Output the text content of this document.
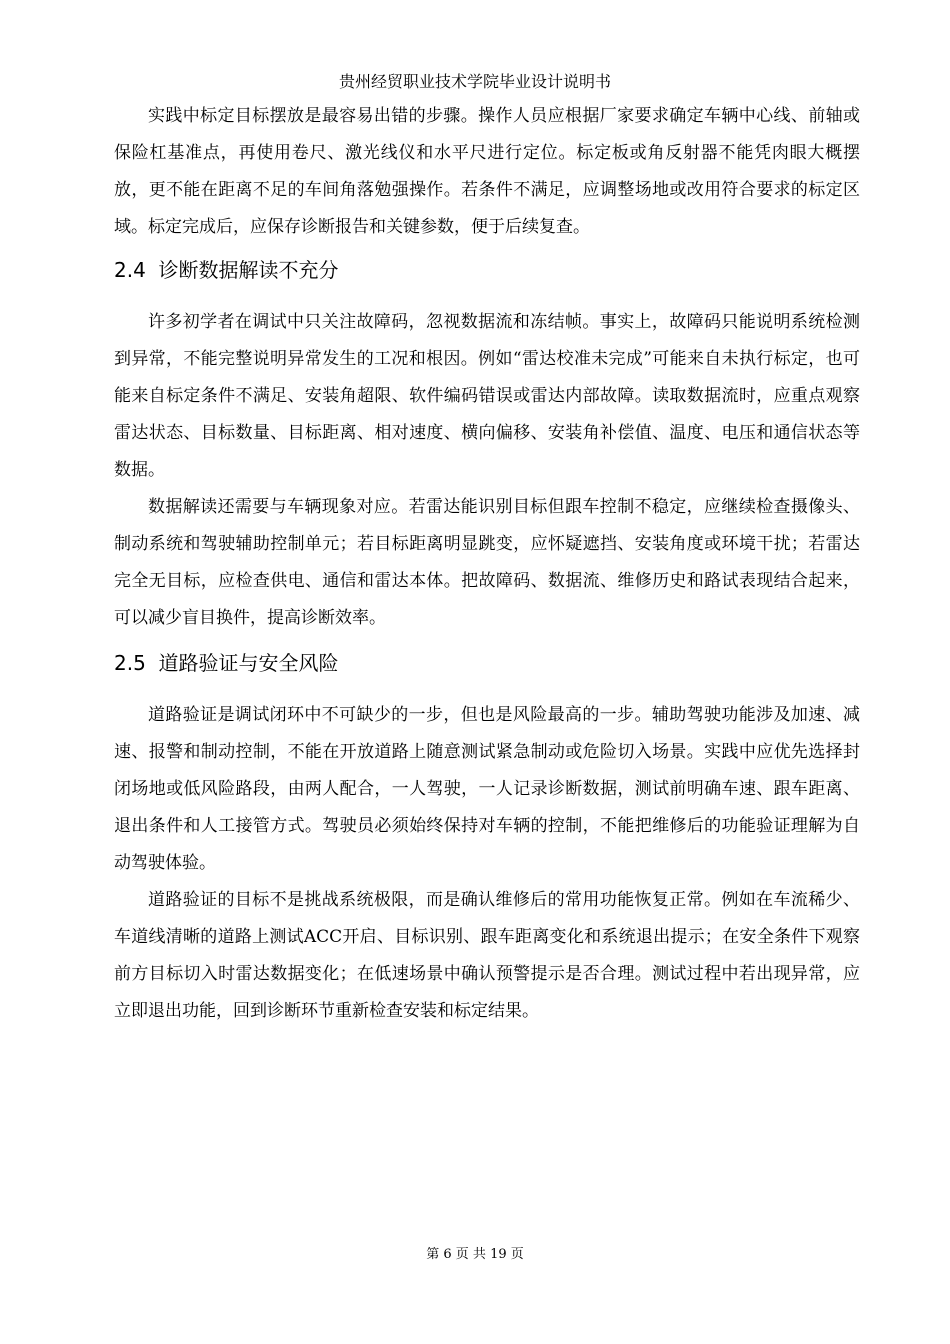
贵州经贸职业技术学院毕业设计说明书

实践中标定目标摆放是最容易出错的步骤。操作人员应根据厂家要求确定车辆中心线、前轴或保险杠基准点，再使用卷尺、激光线仪和水平尺进行定位。标定板或角反射器不能凭肉眼大概摆放，更不能在距离不足的车间角落勉强操作。若条件不满足，应调整场地或改用符合要求的标定区域。标定完成后，应保存诊断报告和关键参数，便于后续复查。

2.4 诊断数据解读不充分

许多初学者在调试中只关注故障码，忽视数据流和冻结帧。事实上，故障码只能说明系统检测到异常，不能完整说明异常发生的工况和根因。例如“雷达校准未完成”可能来自未执行标定，也可能来自标定条件不满足、安装角超限、软件编码错误或雷达内部故障。读取数据流时，应重点观察雷达状态、目标数量、目标距离、相对速度、横向偏移、安装角补偿值、温度、电压和通信状态等数据。

数据解读还需要与车辆现象对应。若雷达能识别目标但跟车控制不稳定，应继续检查摄像头、制动系统和驾驶辅助控制单元；若目标距离明显跳变，应怀疑遮挡、安装角度或环境干扰；若雷达完全无目标，应检查供电、通信和雷达本体。把故障码、数据流、维修历史和路试表现结合起来，可以减少盲目换件，提高诊断效率。

2.5 道路验证与安全风险

道路验证是调试闭环中不可缺少的一步，但也是风险最高的一步。辅助驾驶功能涉及加速、减速、报警和制动控制，不能在开放道路上随意测试紧急制动或危险切入场景。实践中应优先选择封闭场地或低风险路段，由两人配合，一人驾驶，一人记录诊断数据，测试前明确车速、跟车距离、退出条件和人工接管方式。驾驶员必须始终保持对车辆的控制，不能把维修后的功能验证理解为自动驾驶体验。

道路验证的目标不是挑战系统极限，而是确认维修后的常用功能恢复正常。例如在车流稀少、车道线清晰的道路上测试ACC开启、目标识别、跟车距离变化和系统退出提示；在安全条件下观察前方目标切入时雷达数据变化；在低速场景中确认预警提示是否合理。测试过程中若出现异常，应立即退出功能，回到诊断环节重新检查安装和标定结果。

第 6 页 共 19 页
